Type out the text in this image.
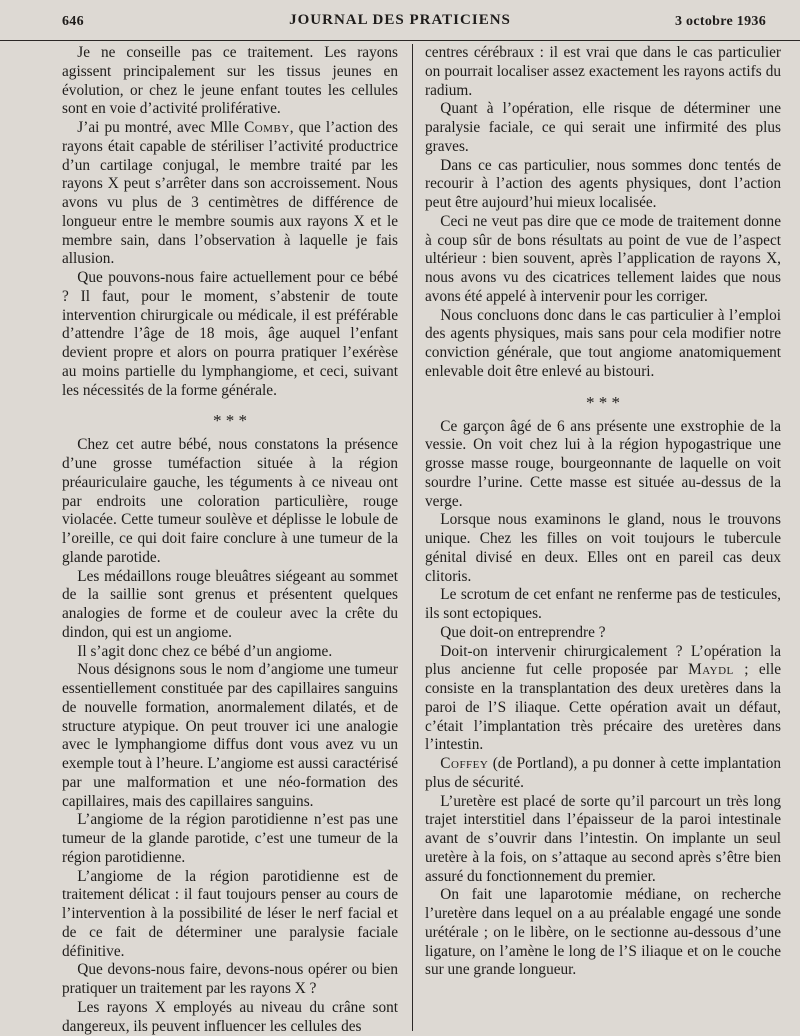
646	JOURNAL DES PRATICIENS	3 octobre 1936

Je ne conseille pas ce traitement. Les rayons agissent principalement sur les tissus jeunes en évolution, or chez le jeune enfant toutes les cellules sont en voie d’activité proliférative.

J’ai pu montré, avec Mlle Comby, que l’action des rayons était capable de stériliser l’activité productrice d’un cartilage conjugal, le membre traité par les rayons X peut s’arrêter dans son accroissement. Nous avons vu plus de 3 centimètres de différence de longueur entre le membre soumis aux rayons X et le membre sain, dans l’observation à laquelle je fais allusion.

Que pouvons-nous faire actuellement pour ce bébé ? Il faut, pour le moment, s’abstenir de toute intervention chirurgicale ou médicale, il est préférable d’attendre l’âge de 18 mois, âge auquel l’enfant devient propre et alors on pourra pratiquer l’exérèse au moins partielle du lymphangiome, et ceci, suivant les nécessités de la forme générale.

* * *

Chez cet autre bébé, nous constatons la présence d’une grosse tuméfaction située à la région préauriculaire gauche, les téguments à ce niveau ont par endroits une coloration particulière, rouge violacée. Cette tumeur soulève et déplisse le lobule de l’oreille, ce qui doit faire conclure à une tumeur de la glande parotide.

Les médaillons rouge bleuâtres siégeant au sommet de la saillie sont grenus et présentent quelques analogies de forme et de couleur avec la crête du dindon, qui est un angiome.

Il s’agit donc chez ce bébé d’un angiome.

Nous désignons sous le nom d’angiome une tumeur essentiellement constituée par des capillaires sanguins de nouvelle formation, anormalement dilatés, et de structure atypique. On peut trouver ici une analogie avec le lymphangiome diffus dont vous avez vu un exemple tout à l’heure. L’angiome est aussi caractérisé par une malformation et une néo-formation des capillaires, mais des capillaires sanguins.

L’angiome de la région parotidienne n’est pas une tumeur de la glande parotide, c’est une tumeur de la région parotidienne.

L’angiome de la région parotidienne est de traitement délicat : il faut toujours penser au cours de l’intervention à la possibilité de léser le nerf facial et de ce fait de déterminer une paralysie faciale définitive.

Que devons-nous faire, devons-nous opérer ou bien pratiquer un traitement par les rayons X ?

Les rayons X employés au niveau du crâne sont dangereux, ils peuvent influencer les cellules des

centres cérébraux : il est vrai que dans le cas particulier on pourrait localiser assez exactement les rayons actifs du radium.

Quant à l’opération, elle risque de déterminer une paralysie faciale, ce qui serait une infirmité des plus graves.

Dans ce cas particulier, nous sommes donc tentés de recourir à l’action des agents physiques, dont l’action peut être aujourd’hui mieux localisée.

Ceci ne veut pas dire que ce mode de traitement donne à coup sûr de bons résultats au point de vue de l’aspect ultérieur : bien souvent, après l’application de rayons X, nous avons vu des cicatrices tellement laides que nous avons été appelé à intervenir pour les corriger.

Nous concluons donc dans le cas particulier à l’emploi des agents physiques, mais sans pour cela modifier notre conviction générale, que tout angiome anatomiquement enlevable doit être enlevé au bistouri.

* * *

Ce garçon âgé de 6 ans présente une exstrophie de la vessie. On voit chez lui à la région hypogastrique une grosse masse rouge, bourgeonnante de laquelle on voit sourdre l’urine. Cette masse est située au-dessus de la verge.

Lorsque nous examinons le gland, nous le trouvons unique. Chez les filles on voit toujours le tubercule génital divisé en deux. Elles ont en pareil cas deux clitoris.

Le scrotum de cet enfant ne renferme pas de testicules, ils sont ectopiques.

Que doit-on entreprendre ?

Doit-on intervenir chirurgicalement ? L’opération la plus ancienne fut celle proposée par Maydl ; elle consiste en la transplantation des deux uretères dans la paroi de l’S iliaque. Cette opération avait un défaut, c’était l’implantation très précaire des uretères dans l’intestin.

Coffey (de Portland), a pu donner à cette implantation plus de sécurité.

L’uretère est placé de sorte qu’il parcourt un très long trajet interstitiel dans l’épaisseur de la paroi intestinale avant de s’ouvrir dans l’intestin. On implante un seul uretère à la fois, on s’attaque au second après s’être bien assuré du fonctionnement du premier.

On fait une laparotomie médiane, on recherche l’uretère dans lequel on a au préalable engagé une sonde urétérale ; on le libère, on le sectionne au-dessous d’une ligature, on l’amène le long de l’S iliaque et on le couche sur une grande longueur.
